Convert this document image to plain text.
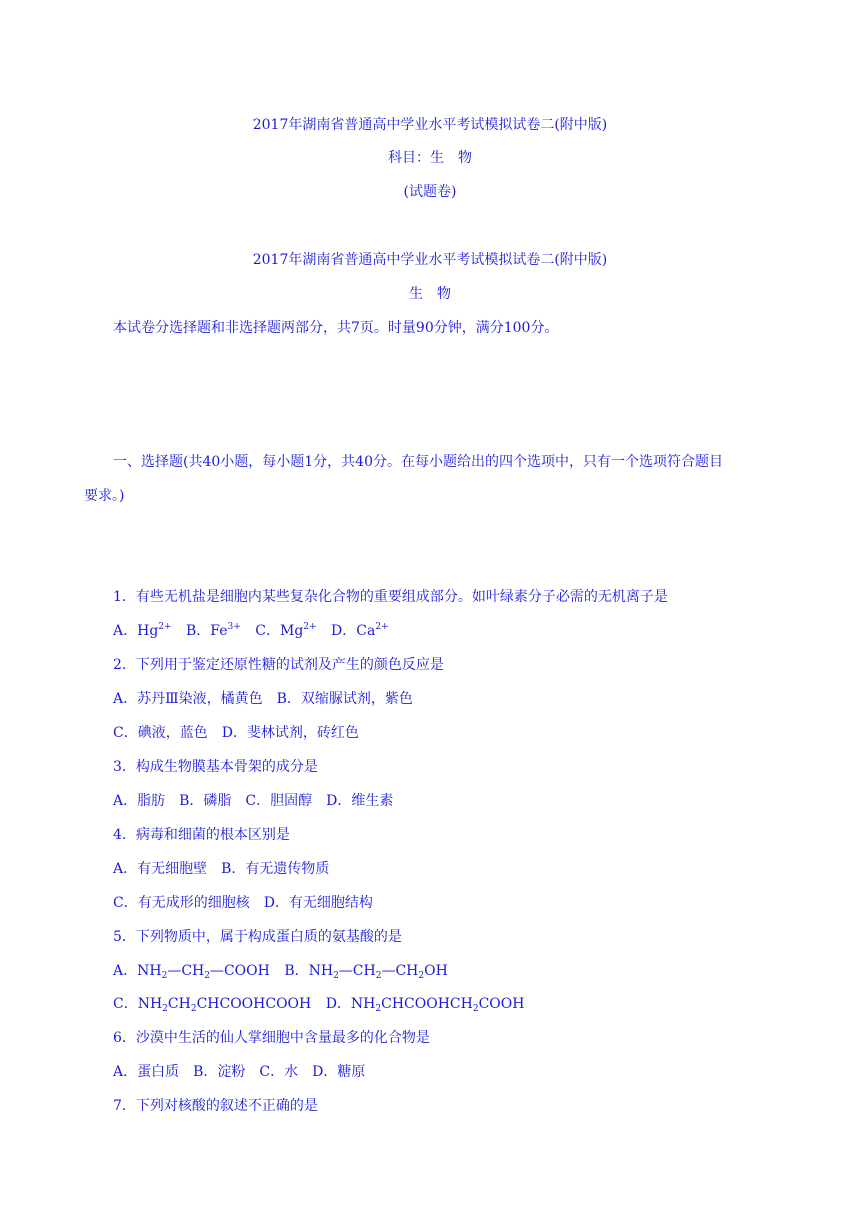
2017年湖南省普通高中学业水平考试模拟试卷二(附中版)
科目：生　物
(试题卷)
2017年湖南省普通高中学业水平考试模拟试卷二(附中版)
生　物
本试卷分选择题和非选择题两部分，共7页。时量90分钟，满分100分。
一、选择题(共40小题，每小题1分，共40分。在每小题给出的四个选项中，只有一个选项符合题目
要求。)
1．有些无机盐是细胞内某些复杂化合物的重要组成部分。如叶绿素分子必需的无机离子是
A．$Hg^{2+}$ B．$Fe^{3+}$ C．$Mg^{2+}$ D．$Ca^{2+}$
2．下列用于鉴定还原性糖的试剂及产生的颜色反应是
A．苏丹Ⅲ染液，橘黄色　B．双缩脲试剂，紫色
C．碘液，蓝色　D．斐林试剂，砖红色
3．构成生物膜基本骨架的成分是
A．脂肪　B．磷脂　C．胆固醇　D．维生素
4．病毒和细菌的根本区别是
A．有无细胞壁　B．有无遗传物质
C．有无成形的细胞核　D．有无细胞结构
5．下列物质中，属于构成蛋白质的氨基酸的是
A．$NH_2—CH_2—COOH$ B．$NH_2—CH_2—CH_2OH$
C．$NH_2CH_2CHCOOHCOOH$ D．$NH_2CHCOOHCH_2COOH$
6．沙漠中生活的仙人掌细胞中含量最多的化合物是
A．蛋白质　B．淀粉　C．水　D．糖原
7．下列对核酸的叙述不正确的是
